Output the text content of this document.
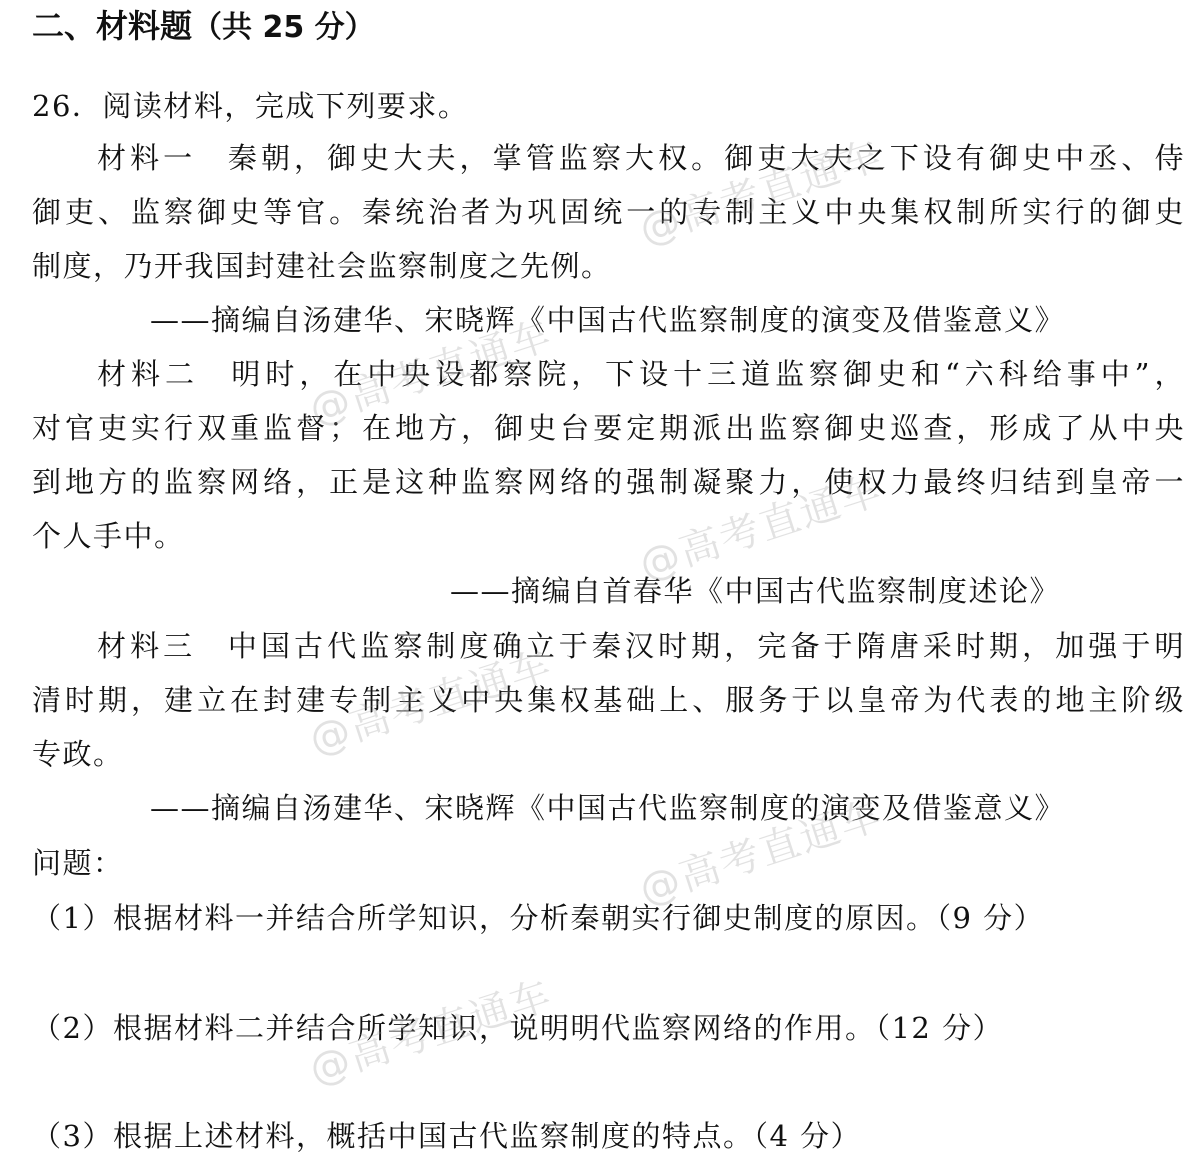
二、材料题（共 25 分）
26．阅读材料，完成下列要求。
材料一 秦朝，御史大夫，掌管监察大权。御吏大夫之下设有御史中丞、侍
御吏、监察御史等官。秦统治者为巩固统一的专制主义中央集权制所实行的御史
制度，乃开我国封建社会监察制度之先例。
——摘编自汤建华、宋晓辉《中国古代监察制度的演变及借鉴意义》
材料二 明时，在中央设都察院，下设十三道监察御史和“六科给事中”，
对官吏实行双重监督；在地方，御史台要定期派出监察御史巡查，形成了从中央
到地方的监察网络，正是这种监察网络的强制凝聚力，使权力最终归结到皇帝一
个人手中。
——摘编自首春华《中国古代监察制度述论》
材料三 中国古代监察制度确立于秦汉时期，完备于隋唐采时期，加强于明
清时期，建立在封建专制主义中央集权基础上、服务于以皇帝为代表的地主阶级
专政。
——摘编自汤建华、宋晓辉《中国古代监察制度的演变及借鉴意义》
问题：
（1）根据材料一并结合所学知识，分析秦朝实行御史制度的原因。（9 分）
（2）根据材料二并结合所学知识，说明明代监察网络的作用。（12 分）
（3）根据上述材料，概括中国古代监察制度的特点。（4 分）
@高考直通车
@高考直通车
@高考直通车
@高考直通车
@高考直通车
@高考直通车
